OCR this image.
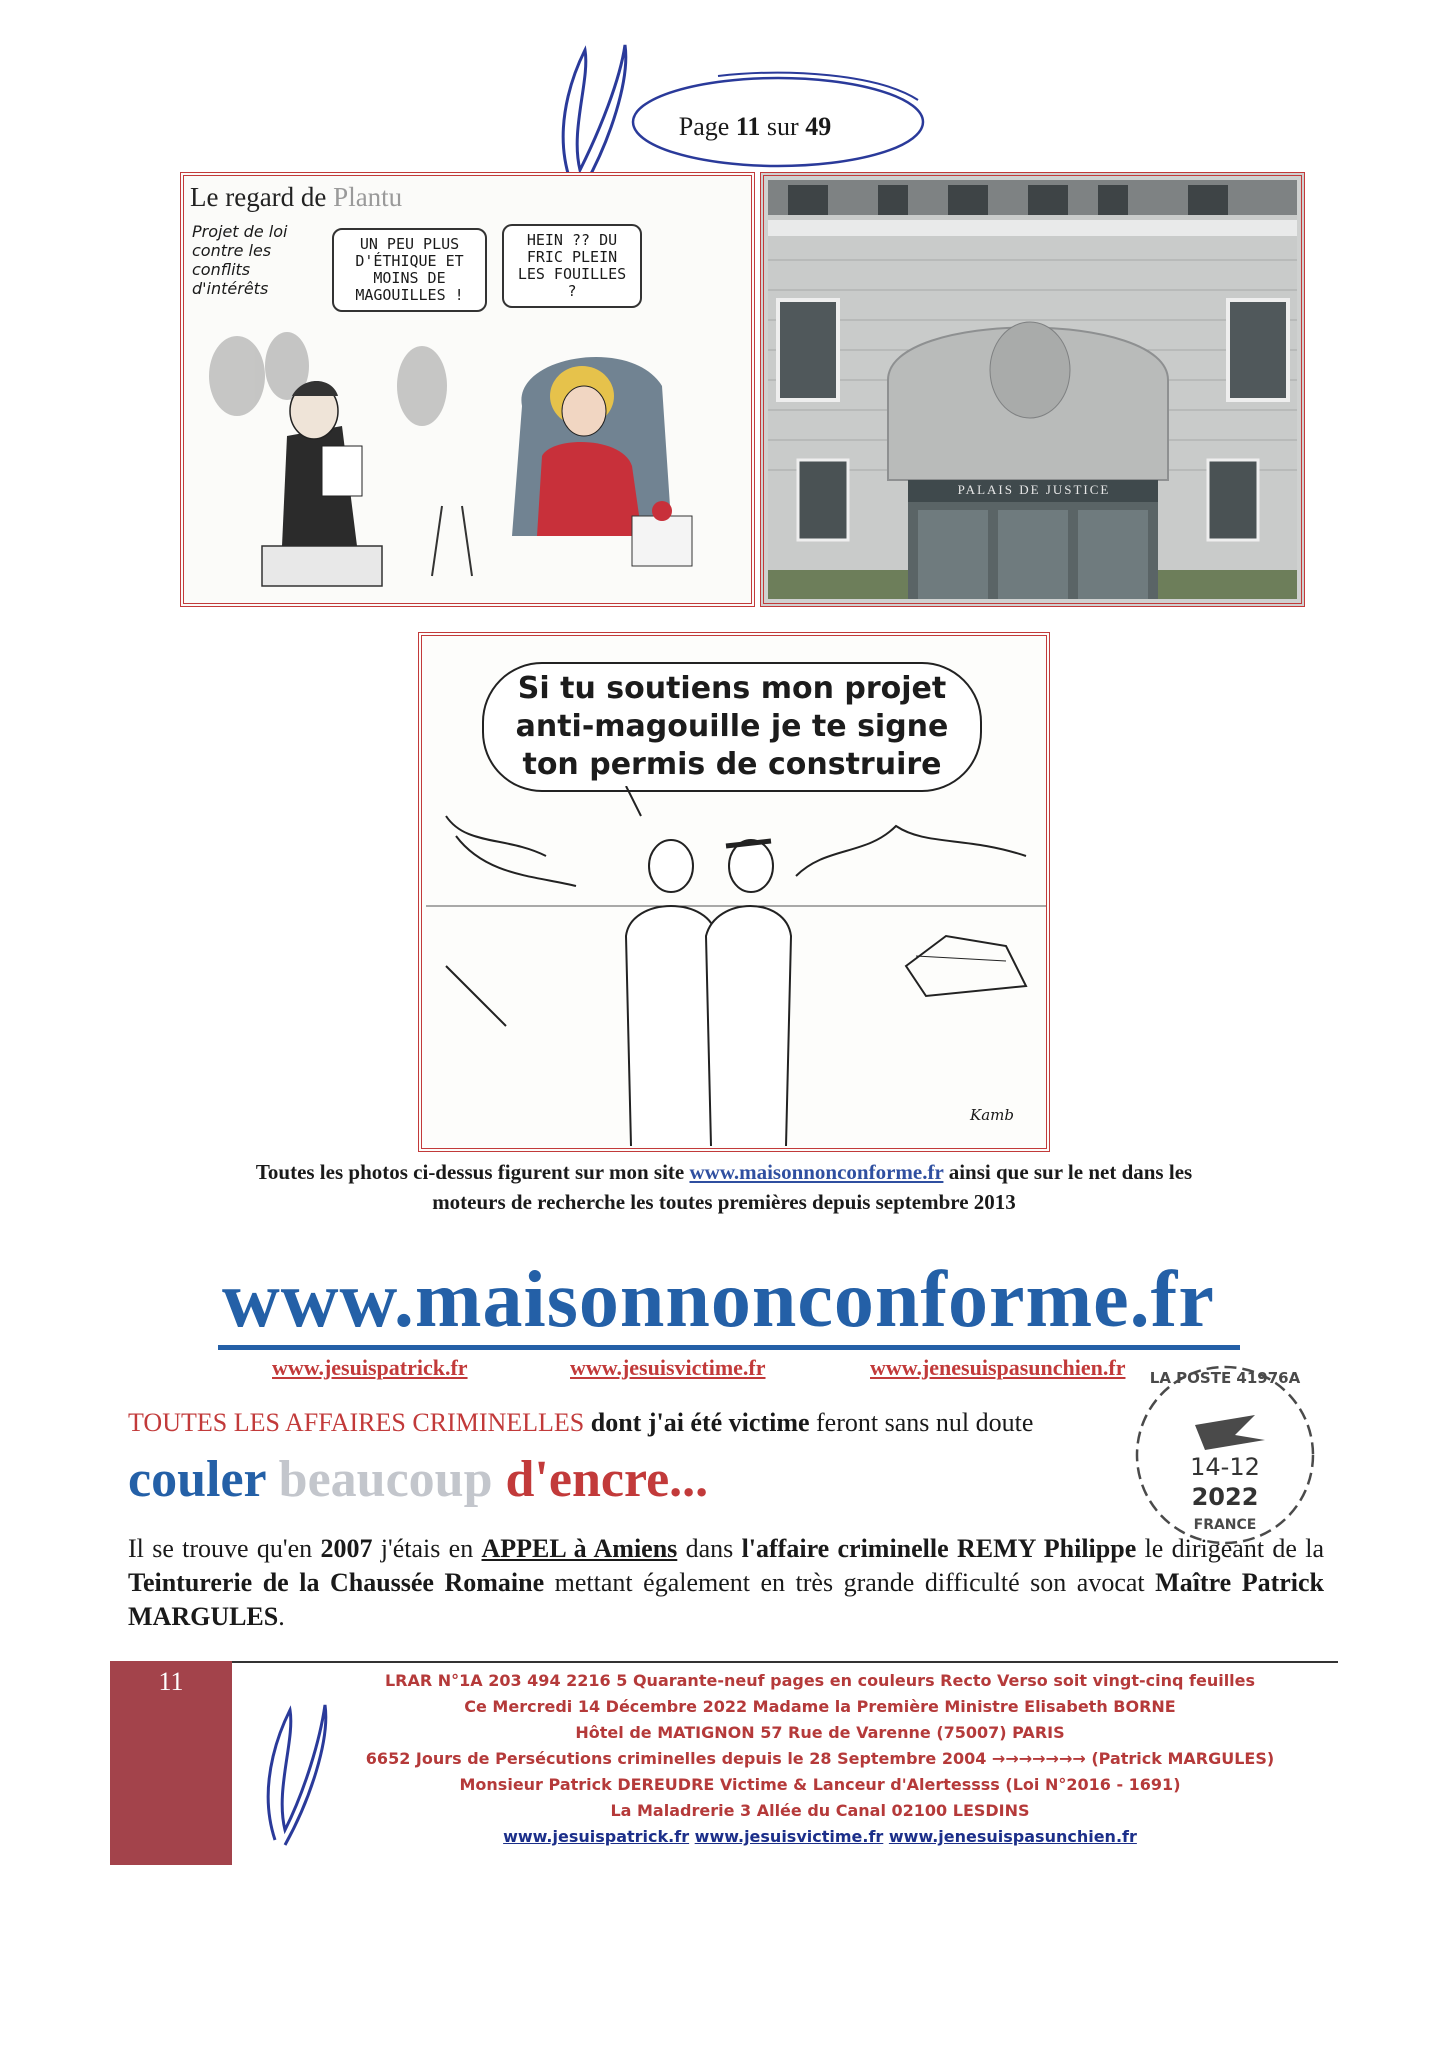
Page 11 sur 49
Le regard de Plantu
Projet de loi contre les conflits d'intérêts
UN PEU PLUS D'ÉTHIQUE ET MOINS DE MAGOUILLES !
HEIN ?? DU FRIC PLEIN LES FOUILLES ?
PALAIS DE JUSTICE
Si tu soutiens mon projet
anti-magouille je te signe
ton permis de construire
Kamb
Toutes les photos ci-dessus figurent sur mon site www.maisonnonconforme.fr ainsi que sur le net dans les
moteurs de recherche les toutes premières depuis septembre 2013
www.maisonnonconforme.fr
www.jesuispatrick.fr	www.jesuisvictime.fr	www.jenesuispasunchien.fr
TOUTES LES AFFAIRES CRIMINELLES dont j'ai été victime feront sans nul doute
couler beaucoup d'encre...
LA POSTE 41976A
14-12
2022
FRANCE
Il se trouve qu'en 2007 j'étais en APPEL à Amiens dans l'affaire criminelle REMY Philippe le dirigeant de la Teinturerie de la Chaussée Romaine mettant également en très grande difficulté son avocat Maître Patrick MARGULES.
11	LRAR N°1A 203 494 2216 5 Quarante-neuf pages en couleurs Recto Verso soit vingt-cinq feuilles
Ce Mercredi 14 Décembre 2022 Madame la Première Ministre Elisabeth BORNE
Hôtel de MATIGNON 57 Rue de Varenne (75007) PARIS
6652 Jours de Persécutions criminelles depuis le 28 Septembre 2004 →→→→→→→ (Patrick MARGULES)
Monsieur Patrick DEREUDRE Victime & Lanceur d'Alertessss (Loi N°2016 - 1691)
La Maladrerie 3 Allée du Canal 02100 LESDINS
www.jesuispatrick.fr www.jesuisvictime.fr www.jenesuispasunchien.fr
